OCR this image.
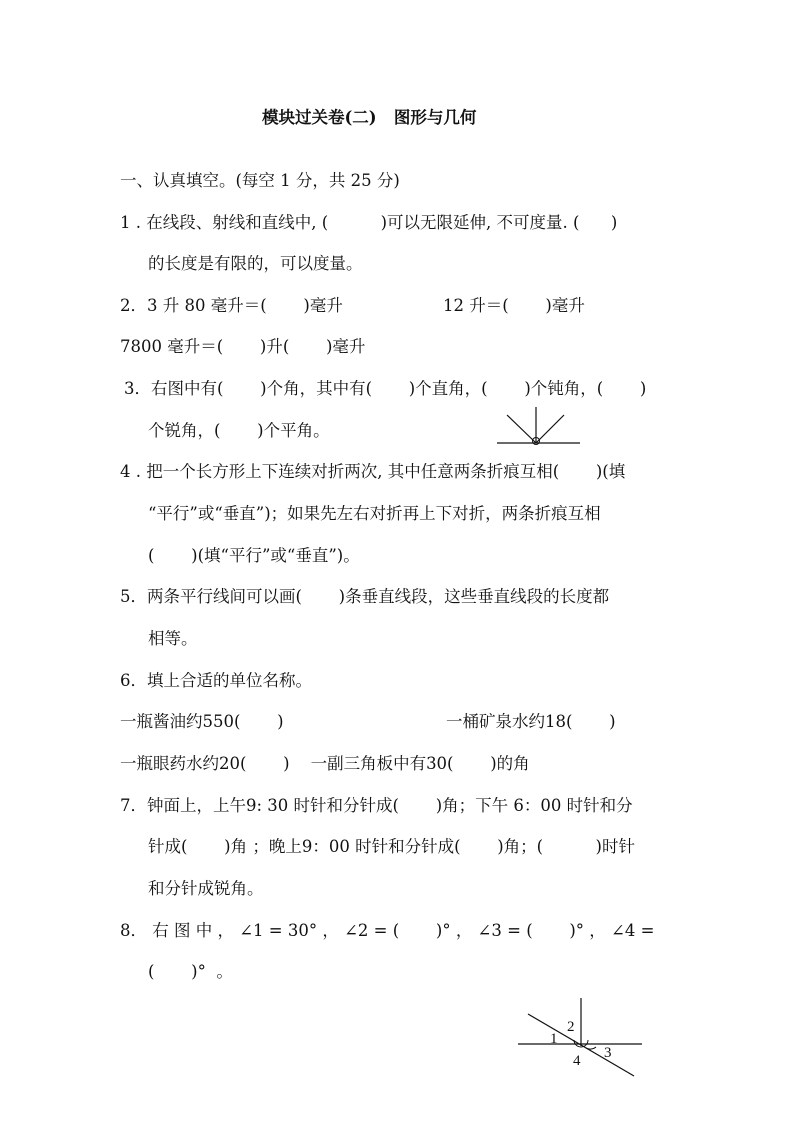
模块过关卷(二)   图形与几何
一、认真填空。(每空 1 分，共 25 分)
1 . 在线段、射线和直线中, (          )可以无限延伸, 不可度量. (      )
的长度是有限的，可以度量。
2．3 升 80 毫升＝(       )毫升	12 升＝(       )毫升
7800 毫升＝(       )升(       )毫升
3．右图中有(       )个角，其中有(       )个直角，(       )个钝角，(       )
个锐角，(       )个平角。
4 . 把一个长方形上下连续对折两次, 其中任意两条折痕互相(       )(填
“平行”或“垂直”)；如果先左右对折再上下对折，两条折痕互相
(       )(填“平行”或“垂直”)。
5．两条平行线间可以画(       )条垂直线段，这些垂直线段的长度都
相等。
6．填上合适的单位名称。
一瓶酱油约550(       )	一桶矿泉水约18(       )
一瓶眼药水约20(       )    一副三角板中有30(       )的角
7．钟面上，上午9: 30 时针和分针成(       )角；下午 6：00 时针和分
针成(       )角 ；晚上9：00 时针和分针成(       )角；(          )时针
和分针成锐角。
8． 右 图 中 ， ∠1 = 30° ， ∠2 = (       )° ， ∠3 = (       )° ， ∠4 =
(       )°  。
1
2
3
4
